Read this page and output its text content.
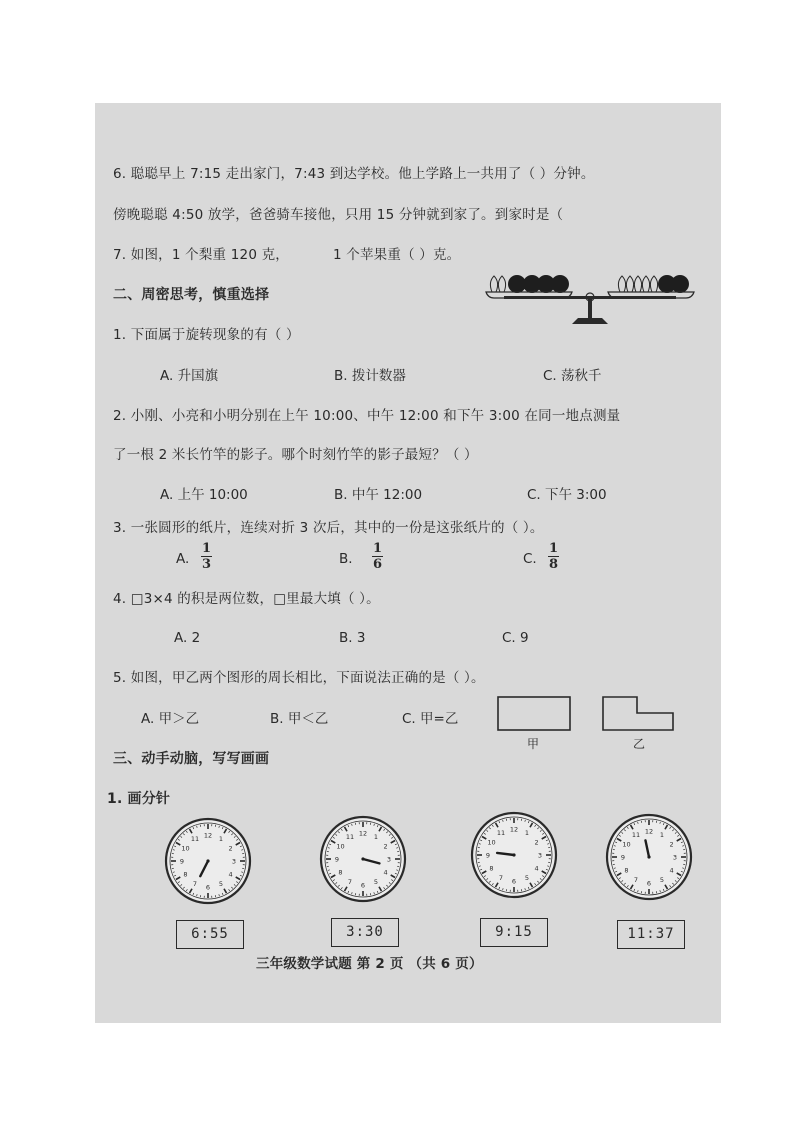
6. 聪聪早上 7:15 走出家门，7:43 到达学校。他上学路上一共用了（ ）分钟。
傍晚聪聪 4:50 放学，爸爸骑车接他，只用 15 分钟就到家了。到家时是（
7. 如图，1 个梨重 120 克，	1 个苹果重（ ）克。
二、周密思考，慎重选择
1. 下面属于旋转现象的有（ ）
A. 升国旗	B. 拨计数器	C. 荡秋千
2. 小刚、小亮和小明分别在上午 10:00、中午 12:00 和下午 3:00 在同一地点测量
了一根 2 米长竹竿的影子。哪个时刻竹竿的影子最短？（ ）
A. 上午 10:00	B. 中午 12:00	C. 下午 3:00
3. 一张圆形的纸片，连续对折 3 次后，其中的一份是这张纸片的（ ）。
A. $\frac{1}{3}$	B. $\frac{1}{6}$	C. $\frac{1}{8}$
4. □3×4 的积是两位数，□里最大填（ ）。
A. 2	B. 3	C. 9
5. 如图，甲乙两个图形的周长相比，下面说法正确的是（ ）。
A. 甲＞乙	B. 甲＜乙	C. 甲=乙
甲	乙
三、动手动脑，写写画画
1. 画分针
1
2
3
4
5
6
7
8
9
10
11 12	1
2
3
4
5
6
7
8
9
10
11 12	1
2
3
4
5
6
7
8
9
10
11 12
1
2
3
4
5
6
7
8
9
10
11 12
6:55	3:30	9:15	11:37
三年级数学试题 第 2 页 （共 6 页）
